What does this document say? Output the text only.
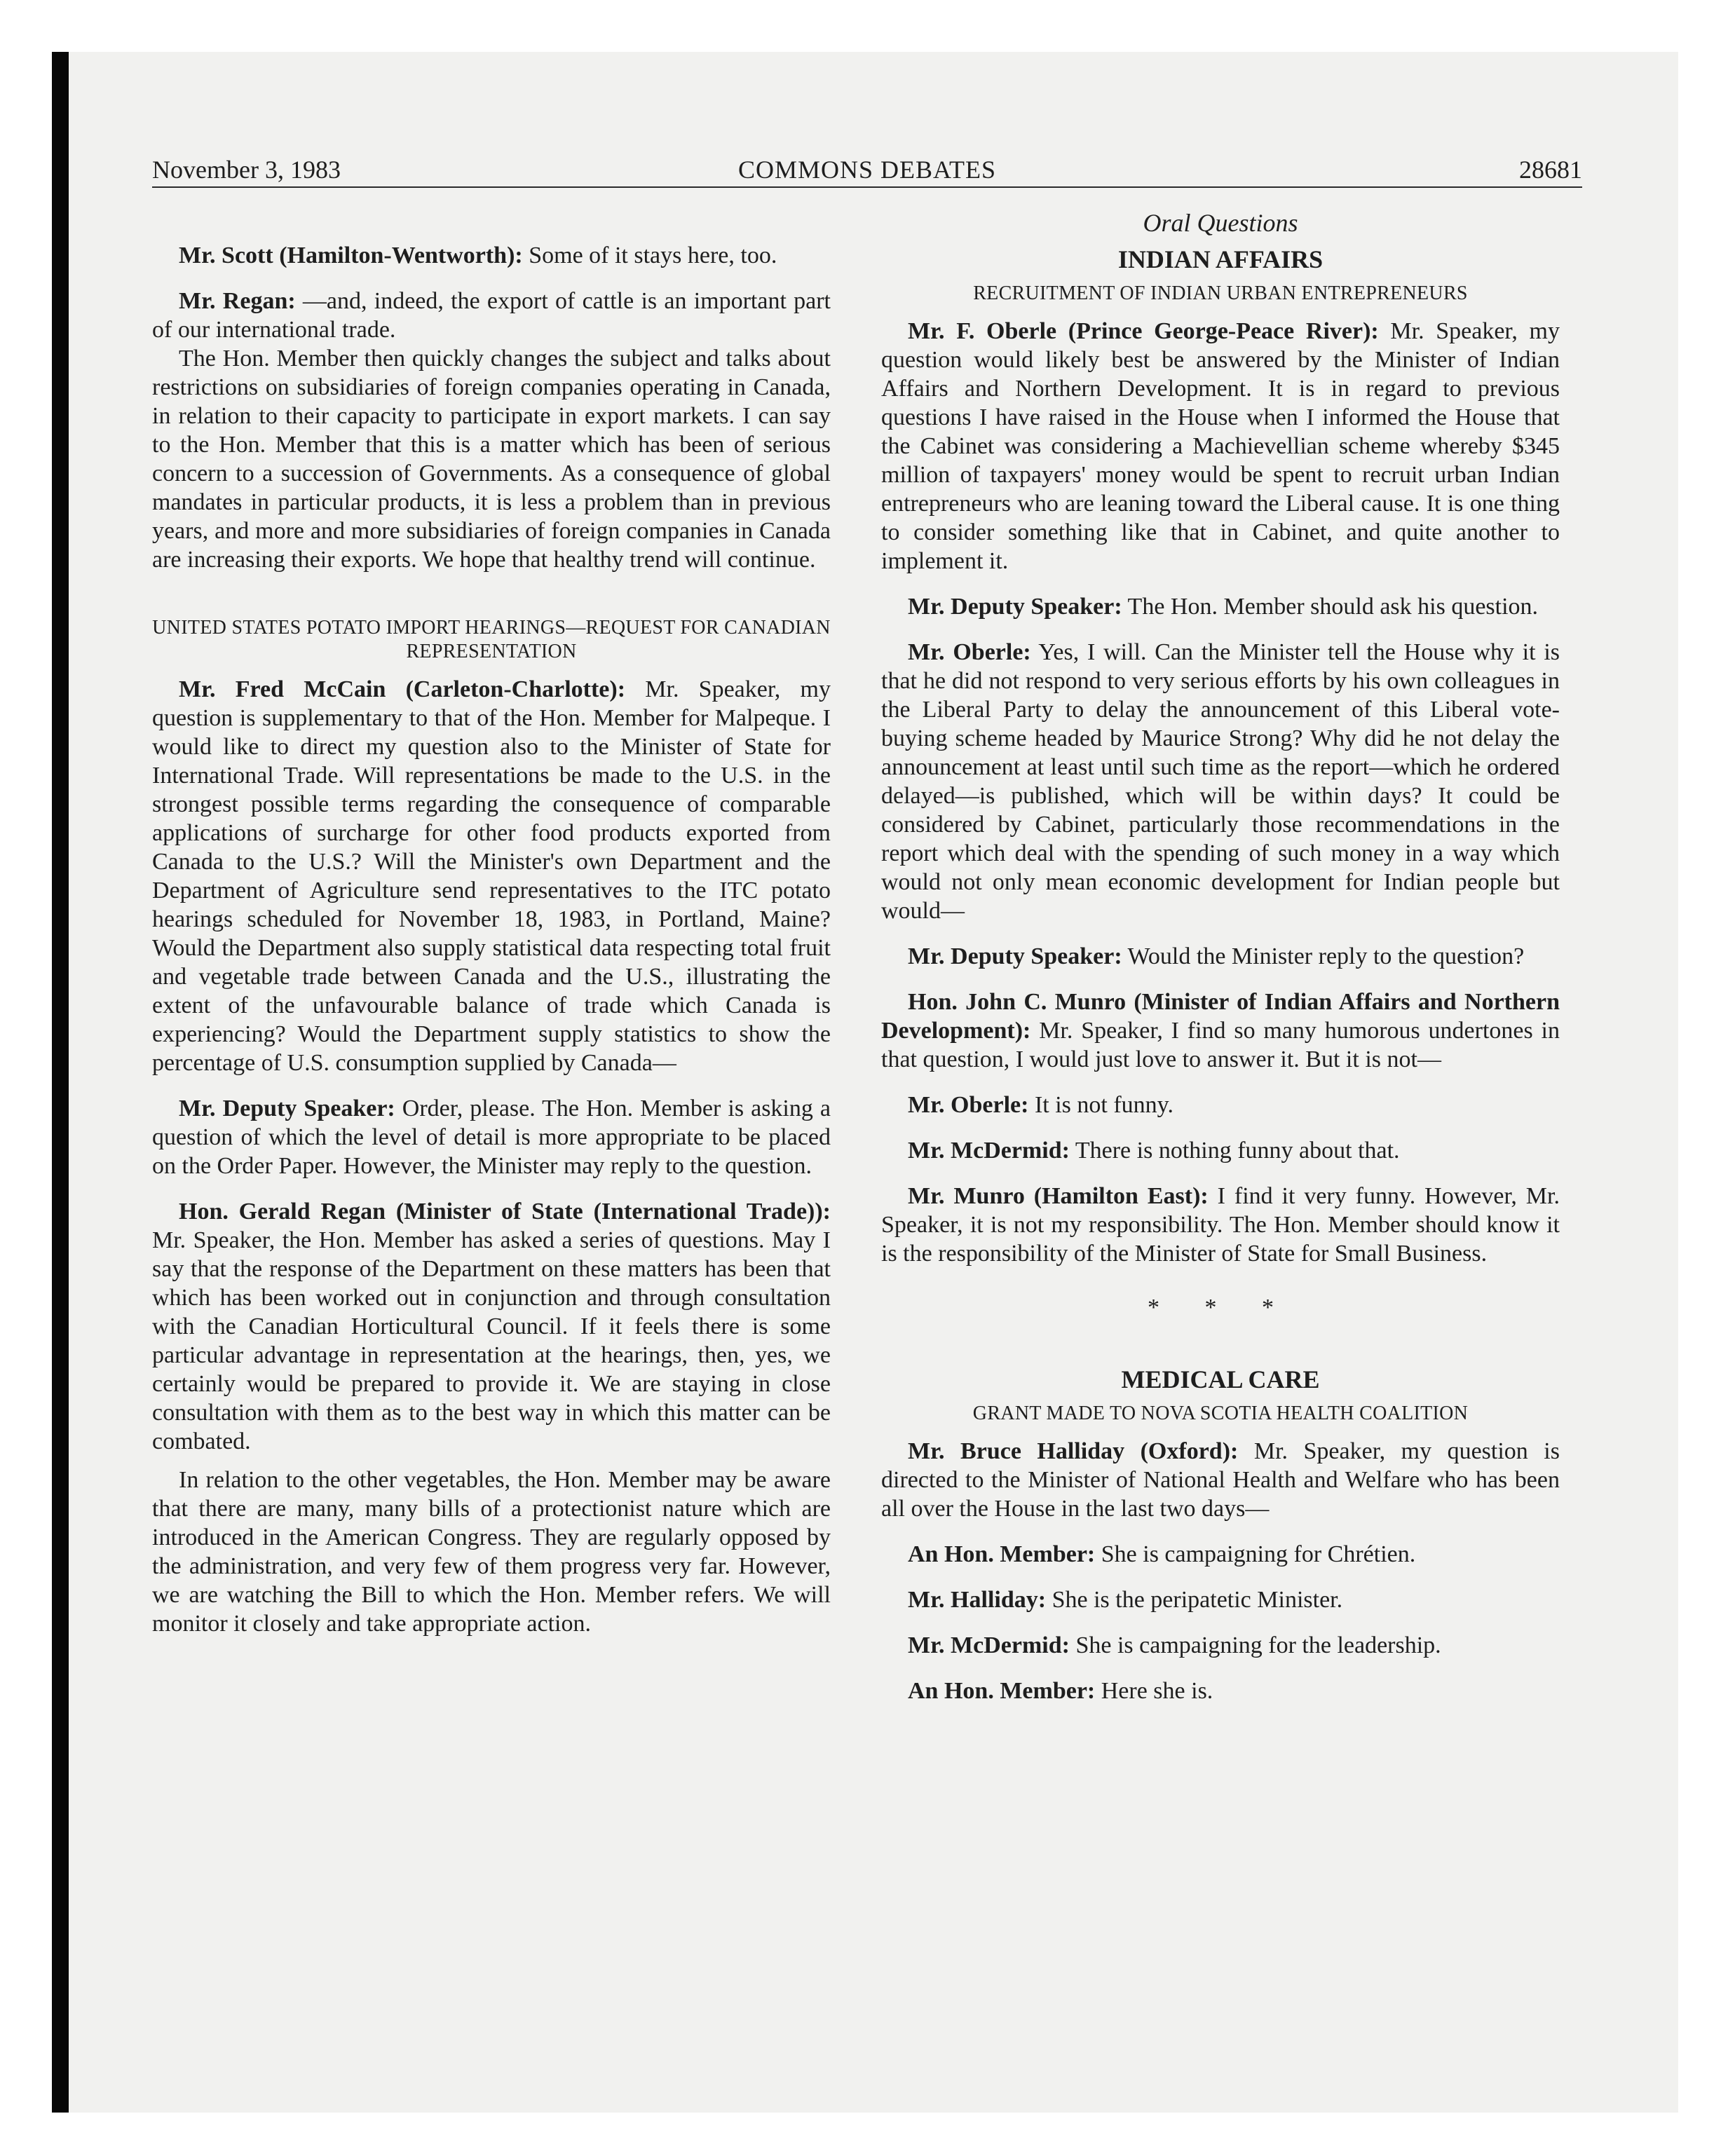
November 3, 1983	COMMONS DEBATES	28681

Mr. Scott (Hamilton-Wentworth): Some of it stays here, too.

Mr. Regan: —and, indeed, the export of cattle is an important part of our international trade.

The Hon. Member then quickly changes the subject and talks about restrictions on subsidiaries of foreign companies operating in Canada, in relation to their capacity to participate in export markets. I can say to the Hon. Member that this is a matter which has been of serious concern to a succession of Governments. As a consequence of global mandates in particular products, it is less a problem than in previous years, and more and more subsidiaries of foreign companies in Canada are increasing their exports. We hope that healthy trend will continue.

UNITED STATES POTATO IMPORT HEARINGS—REQUEST FOR CANADIAN REPRESENTATION

Mr. Fred McCain (Carleton-Charlotte): Mr. Speaker, my question is supplementary to that of the Hon. Member for Malpeque. I would like to direct my question also to the Minister of State for International Trade. Will representations be made to the U.S. in the strongest possible terms regarding the consequence of comparable applications of surcharge for other food products exported from Canada to the U.S.? Will the Minister's own Department and the Department of Agriculture send representatives to the ITC potato hearings scheduled for November 18, 1983, in Portland, Maine? Would the Department also supply statistical data respecting total fruit and vegetable trade between Canada and the U.S., illustrating the extent of the unfavourable balance of trade which Canada is experiencing? Would the Department supply statistics to show the percentage of U.S. consumption supplied by Canada—

Mr. Deputy Speaker: Order, please. The Hon. Member is asking a question of which the level of detail is more appropriate to be placed on the Order Paper. However, the Minister may reply to the question.

Hon. Gerald Regan (Minister of State (International Trade)): Mr. Speaker, the Hon. Member has asked a series of questions. May I say that the response of the Department on these matters has been that which has been worked out in conjunction and through consultation with the Canadian Horticultural Council. If it feels there is some particular advantage in representation at the hearings, then, yes, we certainly would be prepared to provide it. We are staying in close consultation with them as to the best way in which this matter can be combated.

In relation to the other vegetables, the Hon. Member may be aware that there are many, many bills of a protectionist nature which are introduced in the American Congress. They are regularly opposed by the administration, and very few of them progress very far. However, we are watching the Bill to which the Hon. Member refers. We will monitor it closely and take appropriate action.

Oral Questions
INDIAN AFFAIRS
RECRUITMENT OF INDIAN URBAN ENTREPRENEURS

Mr. F. Oberle (Prince George-Peace River): Mr. Speaker, my question would likely best be answered by the Minister of Indian Affairs and Northern Development. It is in regard to previous questions I have raised in the House when I informed the House that the Cabinet was considering a Machievellian scheme whereby $345 million of taxpayers' money would be spent to recruit urban Indian entrepreneurs who are leaning toward the Liberal cause. It is one thing to consider something like that in Cabinet, and quite another to implement it.

Mr. Deputy Speaker: The Hon. Member should ask his question.

Mr. Oberle: Yes, I will. Can the Minister tell the House why it is that he did not respond to very serious efforts by his own colleagues in the Liberal Party to delay the announcement of this Liberal vote-buying scheme headed by Maurice Strong? Why did he not delay the announcement at least until such time as the report—which he ordered delayed—is published, which will be within days? It could be considered by Cabinet, particularly those recommendations in the report which deal with the spending of such money in a way which would not only mean economic development for Indian people but would—

Mr. Deputy Speaker: Would the Minister reply to the question?

Hon. John C. Munro (Minister of Indian Affairs and Northern Development): Mr. Speaker, I find so many humorous undertones in that question, I would just love to answer it. But it is not—

Mr. Oberle: It is not funny.

Mr. McDermid: There is nothing funny about that.

Mr. Munro (Hamilton East): I find it very funny. However, Mr. Speaker, it is not my responsibility. The Hon. Member should know it is the responsibility of the Minister of State for Small Business.

* * *
MEDICAL CARE
GRANT MADE TO NOVA SCOTIA HEALTH COALITION

Mr. Bruce Halliday (Oxford): Mr. Speaker, my question is directed to the Minister of National Health and Welfare who has been all over the House in the last two days—

An Hon. Member: She is campaigning for Chrétien.

Mr. Halliday: She is the peripatetic Minister.

Mr. McDermid: She is campaigning for the leadership.

An Hon. Member: Here she is.
